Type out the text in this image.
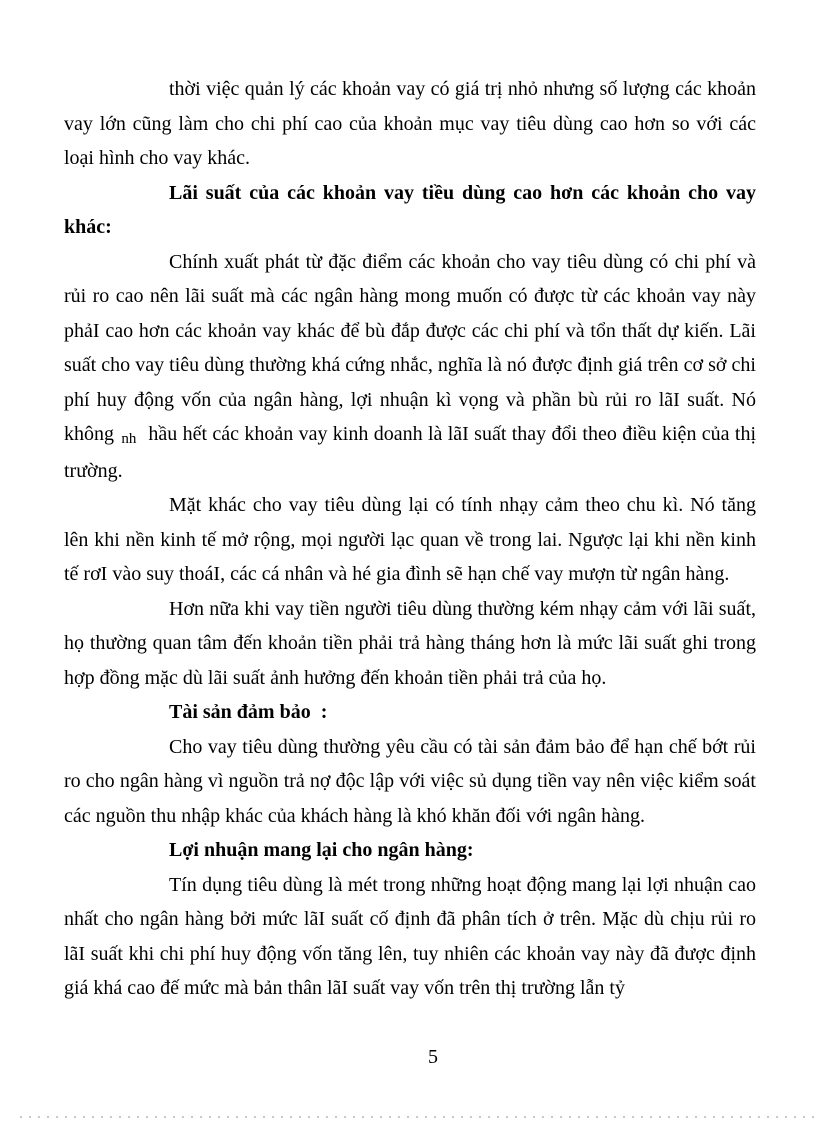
thời việc quản lý các khoản vay có giá trị nhỏ nhưng số lượng các khoản vay lớn cũng làm cho chi phí cao của khoản mục vay tiêu dùng cao hơn so với các loại hình cho vay khác.

Lãi suất của các khoản vay tiều dùng cao hơn các khoản cho vay khác:

Chính xuất phát từ đặc điểm các khoản cho vay tiêu dùng có chi phí và rủi ro cao nên lãi suất mà các ngân hàng mong muốn có được từ các khoản vay này phảI cao hơn các khoản vay khác để bù đắp được các chi phí và tổn thất dự kiến. Lãi suất cho vay tiêu dùng thường khá cứng nhắc, nghĩa là nó được định giá trên cơ sở chi phí huy động vốn của ngân hàng, lợi nhuận kì vọng và phần bù rủi ro lãI suất. Nó không nh hầu hết các khoản vay kinh doanh là lãI suất thay đổi theo điều kiện của thị trường.

Mặt khác cho vay tiêu dùng lại có tính nhạy cảm theo chu kì. Nó tăng lên khi nền kinh tế mở rộng, mọi người lạc quan về trong lai. Ngược lại khi nền kinh tế rơI vào suy thoáI, các cá nhân và hé gia đình sẽ hạn chế vay mượn từ ngân hàng.

Hơn nữa khi vay tiền người tiêu dùng thường kém nhạy cảm với lãi suất, họ thường quan tâm đến khoản tiền phải trả hàng tháng hơn là mức lãi suất ghi trong hợp đồng mặc dù lãi suất ảnh hưởng đến khoản tiền phải trả của họ.

Tài sản đảm bảo  :

Cho vay tiêu dùng thường yêu cầu có tài sản đảm bảo để hạn chế bớt rủi ro cho ngân hàng vì nguồn trả nợ độc lập với việc sủ dụng tiền vay nên việc kiểm soát các nguồn thu nhập khác của khách hàng là khó khăn đối với ngân hàng.

Lợi nhuận mang lại cho ngân hàng:

Tín dụng tiêu dùng là mét trong những hoạt động mang lại lợi nhuận cao nhất cho ngân hàng bởi mức lãI suất cố định đã phân tích ở trên. Mặc dù chịu rủi ro lãI suất khi chi phí huy động vốn tăng lên, tuy nhiên các khoản vay này đã được định giá khá cao đế mức mà bản thân lãI suất vay vốn trên thị trường lẫn tỷ

5
